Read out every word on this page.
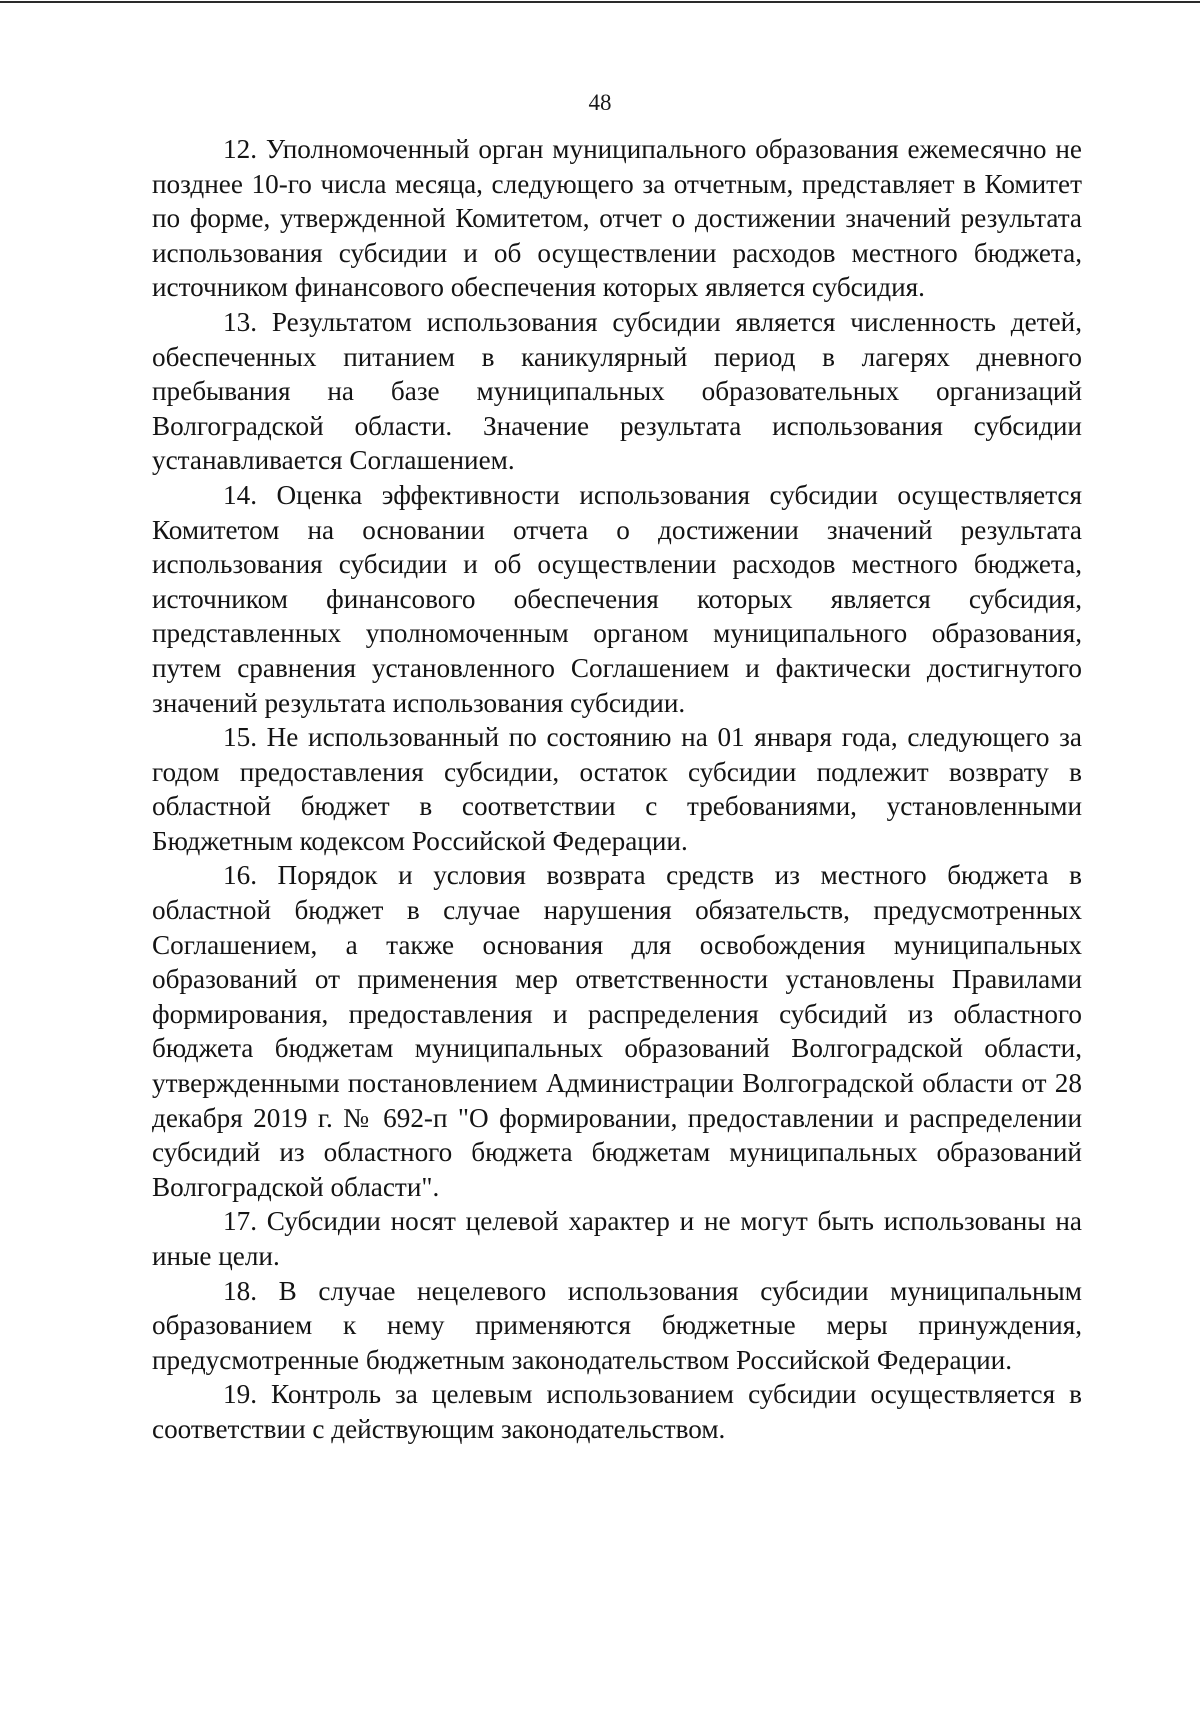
48

12. Уполномоченный орган муниципального образования ежемесячно не позднее 10-го числа месяца, следующего за отчетным, представляет в Комитет по форме, утвержденной Комитетом, отчет о достижении значений результата использования субсидии и об осуществлении расходов местного бюджета, источником финансового обеспечения которых является субсидия.

13. Результатом использования субсидии является численность детей, обеспеченных питанием в каникулярный период в лагерях дневного пребывания на базе муниципальных образовательных организаций Волгоградской области. Значение результата использования субсидии устанавливается Соглашением.

14. Оценка эффективности использования субсидии осуществляется Комитетом на основании отчета о достижении значений результата использования субсидии и об осуществлении расходов местного бюджета, источником финансового обеспечения которых является субсидия, представленных уполномоченным органом муниципального образования, путем сравнения установленного Соглашением и фактически достигнутого значений результата использования субсидии.

15. Не использованный по состоянию на 01 января года, следующего за годом предоставления субсидии, остаток субсидии подлежит возврату в областной бюджет в соответствии с требованиями, установленными Бюджетным кодексом Российской Федерации.

16. Порядок и условия возврата средств из местного бюджета в областной бюджет в случае нарушения обязательств, предусмотренных Соглашением, а также основания для освобождения муниципальных образований от применения мер ответственности установлены Правилами формирования, предоставления и распределения субсидий из областного бюджета бюджетам муниципальных образований Волгоградской области, утвержденными постановлением Администрации Волгоградской области от 28 декабря 2019 г. № 692-п "О формировании, предоставлении и распределении субсидий из областного бюджета бюджетам муниципальных образований Волгоградской области".

17. Субсидии носят целевой характер и не могут быть использованы на иные цели.

18. В случае нецелевого использования субсидии муниципальным образованием к нему применяются бюджетные меры принуждения, предусмотренные бюджетным законодательством Российской Федерации.

19. Контроль за целевым использованием субсидии осуществляется в соответствии с действующим законодательством.
